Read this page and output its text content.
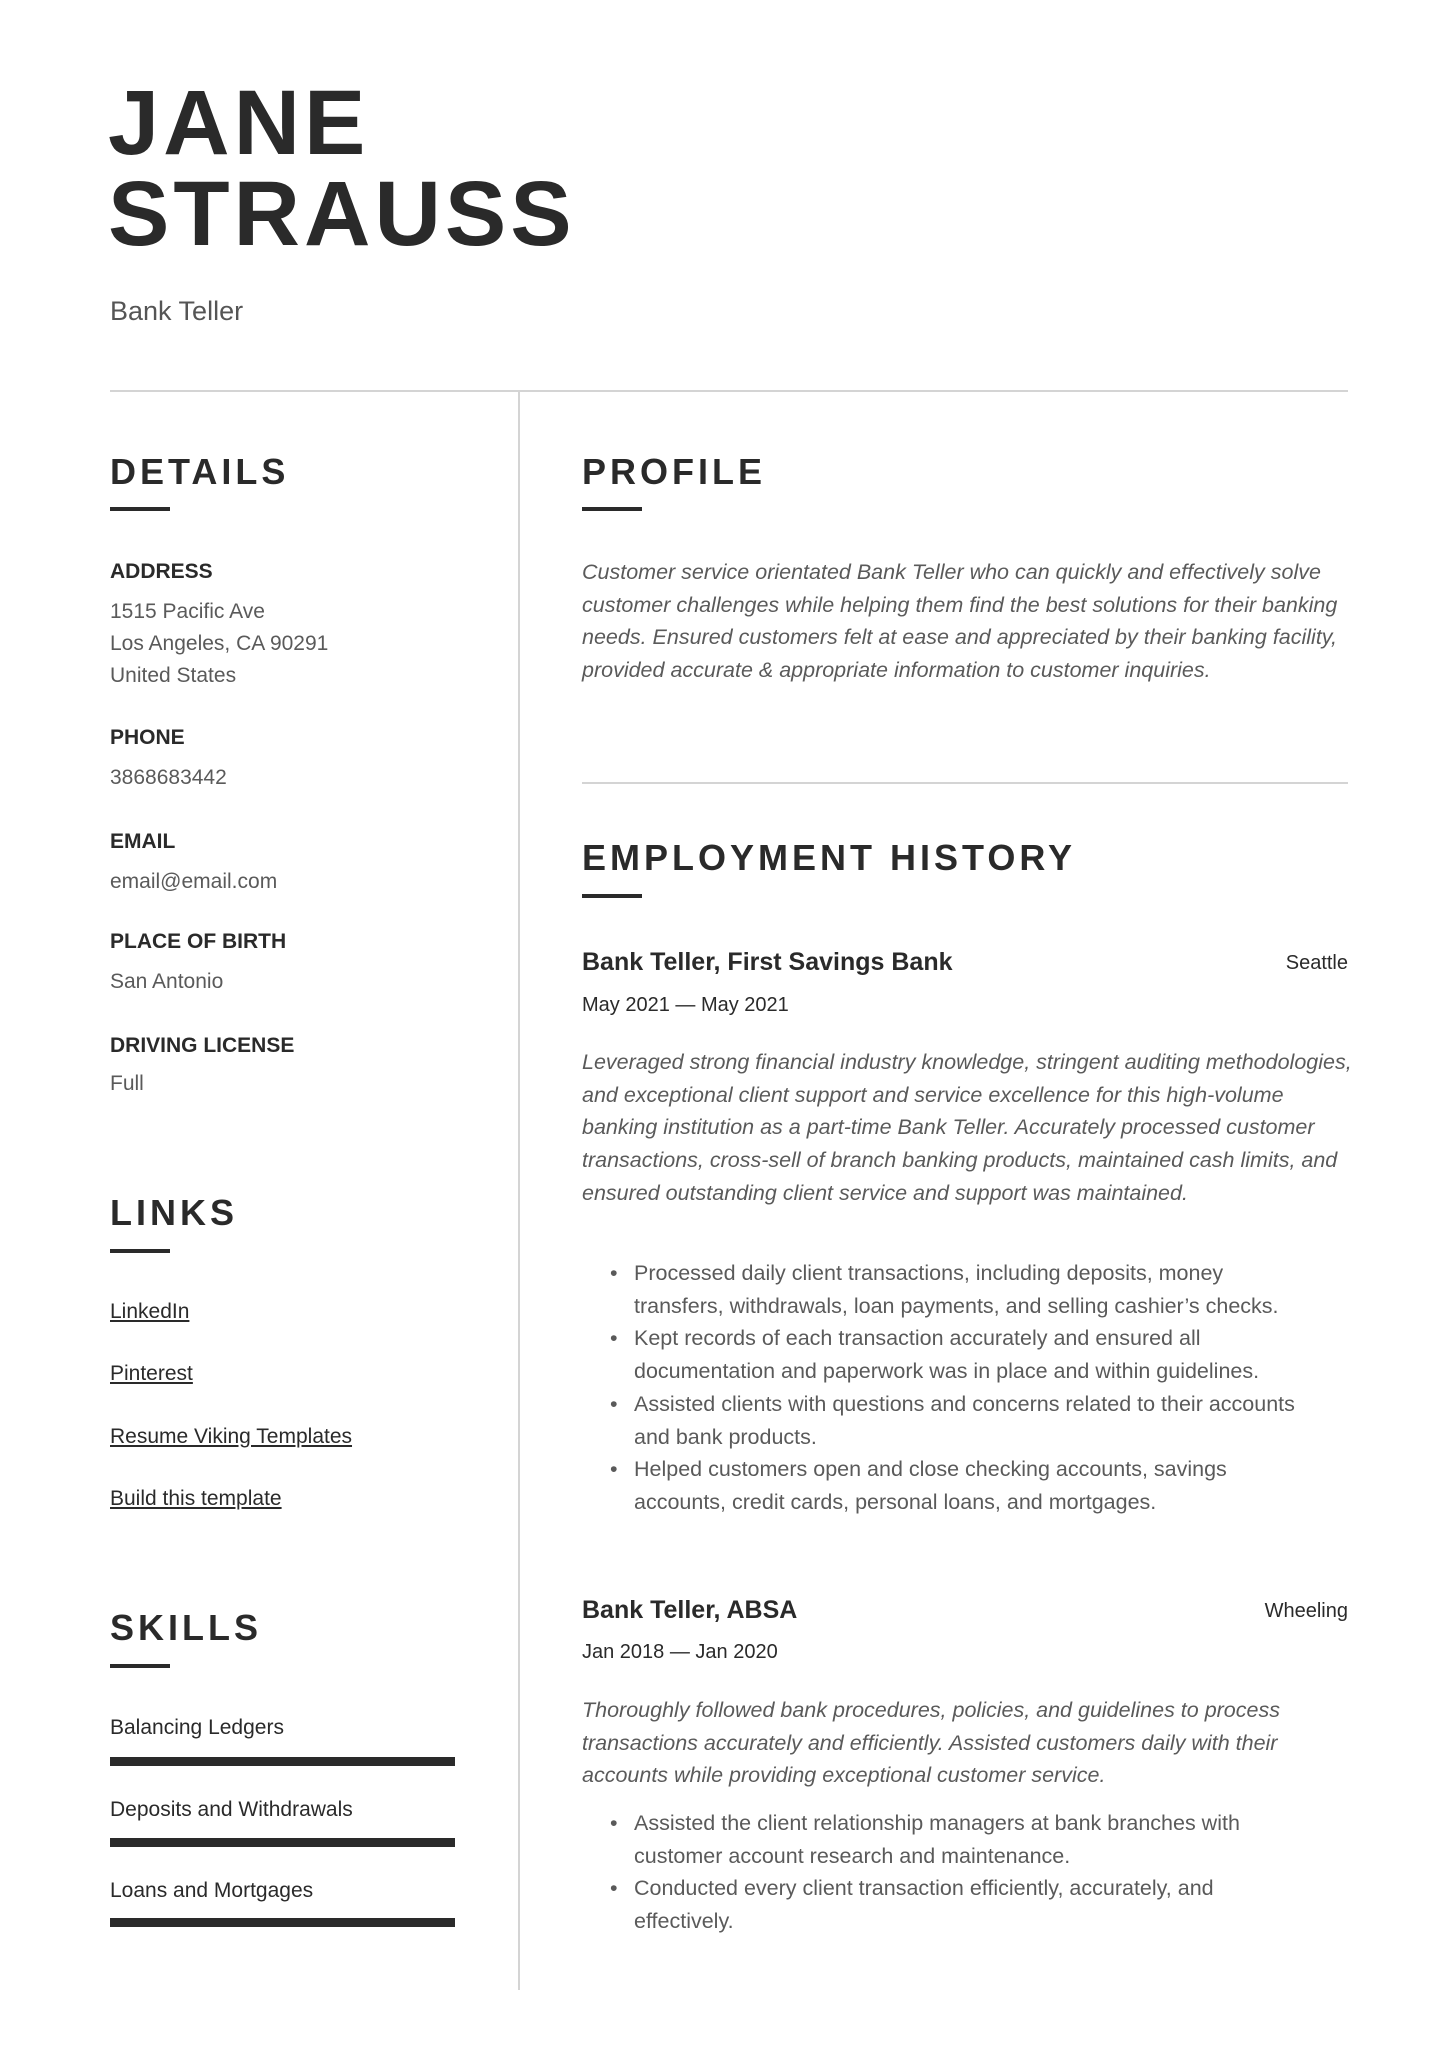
JANE
STRAUSS
Bank Teller
DETAILS
ADDRESS
1515 Pacific Ave
Los Angeles, CA 90291
United States
PHONE
3868683442
EMAIL
email@email.com
PLACE OF BIRTH
San Antonio
DRIVING LICENSE
Full
LINKS
LinkedIn
Pinterest
Resume Viking Templates
Build this template
SKILLS
Balancing Ledgers
Deposits and Withdrawals
Loans and Mortgages
PROFILE
Customer service orientated Bank Teller who can quickly and effectively solve customer challenges while helping them find the best solutions for their banking needs. Ensured customers felt at ease and appreciated by their banking facility, provided accurate & appropriate information to customer inquiries.
EMPLOYMENT HISTORY
Bank Teller, First Savings Bank	Seattle
May 2021 — May 2021
Leveraged strong financial industry knowledge, stringent auditing methodologies, and exceptional client support and service excellence for this high-volume banking institution as a part-time Bank Teller. Accurately processed customer transactions, cross-sell of branch banking products, maintained cash limits, and ensured outstanding client service and support was maintained.
• Processed daily client transactions, including deposits, money transfers, withdrawals, loan payments, and selling cashier’s checks.
• Kept records of each transaction accurately and ensured all documentation and paperwork was in place and within guidelines.
• Assisted clients with questions and concerns related to their accounts and bank products.
• Helped customers open and close checking accounts, savings accounts, credit cards, personal loans, and mortgages.
Bank Teller, ABSA	Wheeling
Jan 2018 — Jan 2020
Thoroughly followed bank procedures, policies, and guidelines to process transactions accurately and efficiently. Assisted customers daily with their accounts while providing exceptional customer service.
• Assisted the client relationship managers at bank branches with customer account research and maintenance.
• Conducted every client transaction efficiently, accurately, and effectively.
